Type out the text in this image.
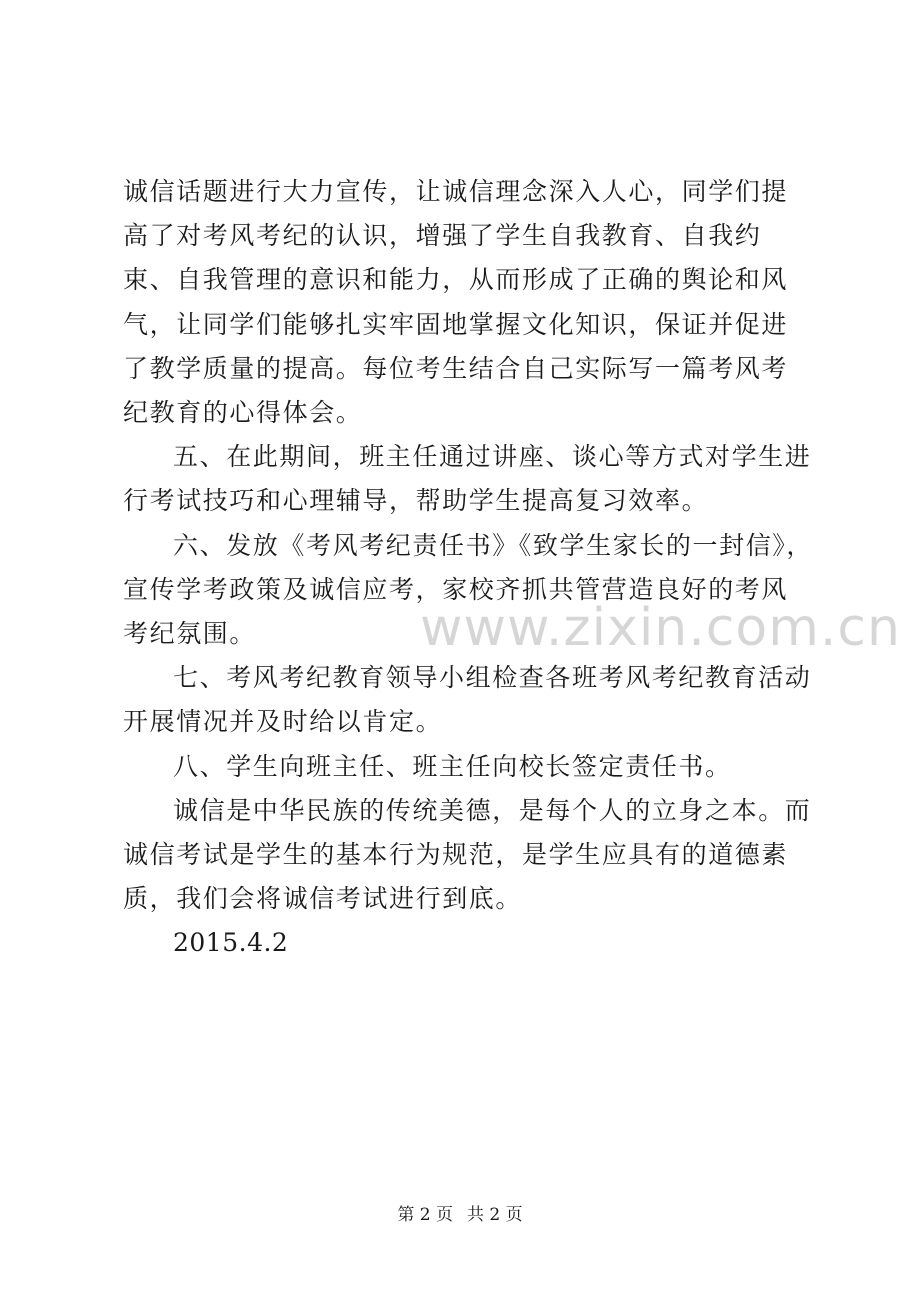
诚信话题进行大力宣传，让诚信理念深入人心，同学们提高了对考风考纪的认识，增强了学生自我教育、自我约束、自我管理的意识和能力，从而形成了正确的舆论和风气，让同学们能够扎实牢固地掌握文化知识，保证并促进了教学质量的提高。每位考生结合自己实际写一篇考风考纪教育的心得体会。

五、在此期间，班主任通过讲座、谈心等方式对学生进行考试技巧和心理辅导，帮助学生提高复习效率。

六、发放《考风考纪责任书》《致学生家长的一封信》，宣传学考政策及诚信应考，家校齐抓共管营造良好的考风考纪氛围。

七、考风考纪教育领导小组检查各班考风考纪教育活动开展情况并及时给以肯定。

八、学生向班主任、班主任向校长签定责任书。

诚信是中华民族的传统美德，是每个人的立身之本。而诚信考试是学生的基本行为规范，是学生应具有的道德素质，我们会将诚信考试进行到底。

2015.4.2

www.zixin.com.cn
第 2 页 共 2 页
